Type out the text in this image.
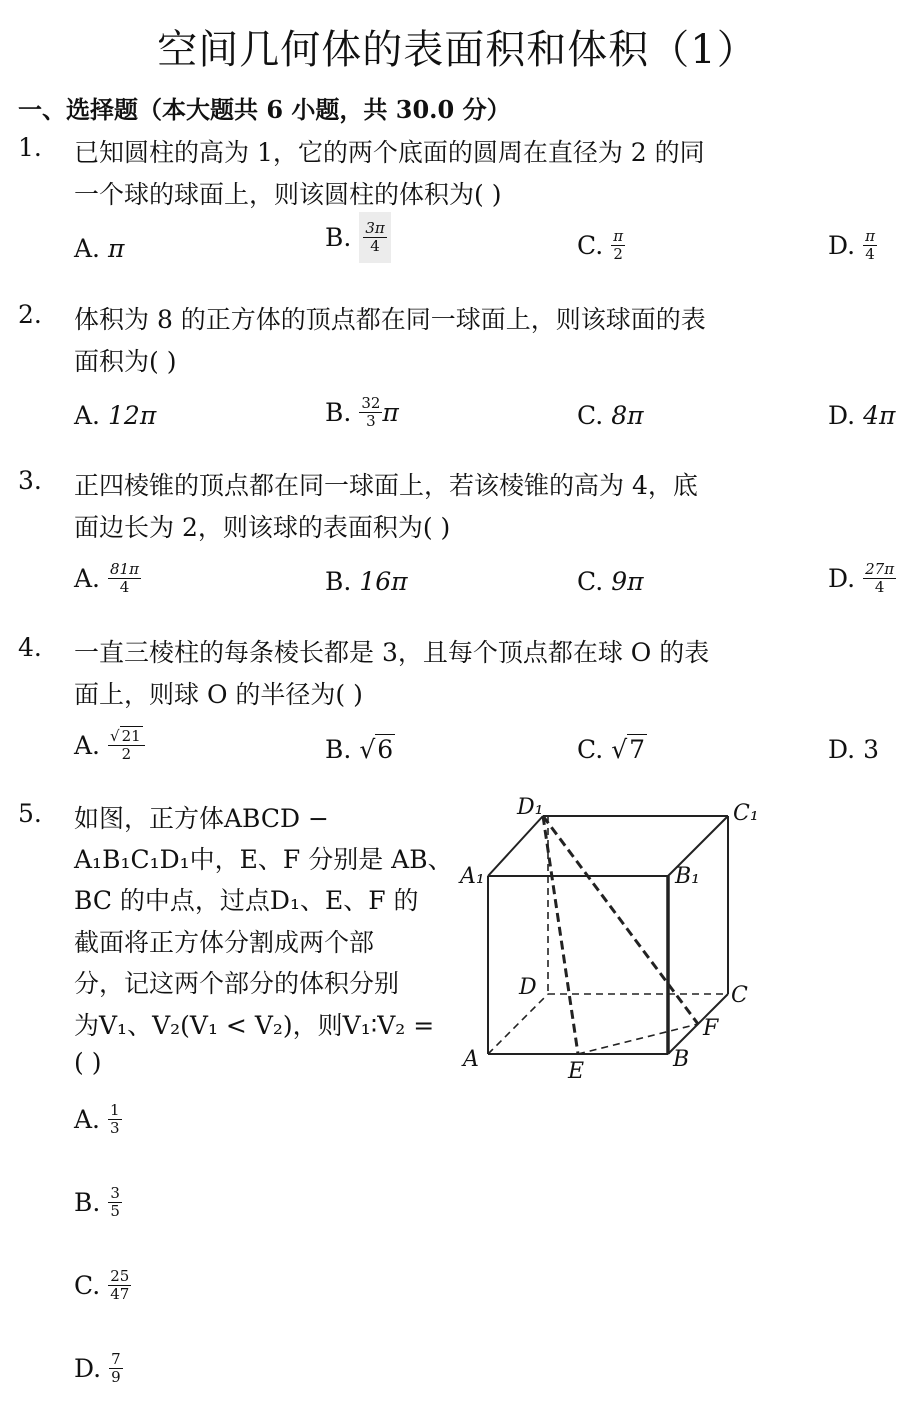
空间几何体的表面积和体积（1）
一、选择题（本大题共 6 小题，共 30.0 分）
1. 已知圆柱的高为 1，它的两个底面的圆周在直径为 2 的同
一个球的球面上，则该圆柱的体积为( )
A. π	B. $\frac{3\pi}{4}$	C. $\frac{\pi}{2}$	D. $\frac{\pi}{4}$
2. 体积为 8 的正方体的顶点都在同一球面上，则该球面的表
面积为( )
A. 12π	B. $\frac{32}{3}$ π	C. 8π	D. 4π
3. 正四棱锥的顶点都在同一球面上，若该棱锥的高为 4，底
面边长为 2，则该球的表面积为( )
A. $\frac{81\pi}{4}$	B. 16π	C. 9π	D. $\frac{27\pi}{4}$
4. 一直三棱柱的每条棱长都是 3，且每个顶点都在球 O 的表
面上，则球 O 的半径为( )
A. $\frac{√ 21}{2}$	B. √6	C. √7	D. 3
5. 如图，正方体ABCD −
A₁B₁C₁D₁中，E、F 分别是 AB、
BC 的中点，过点D₁、E、F 的
截面将正方体分割成两个部
分，记这两个部分的体积分别
为V₁、V₂(V₁ < V₂)，则V₁∶V₂ =
( )
A. $\frac{1}{3}$
B. $\frac{3}{5}$
C. $\frac{25}{47}$
D. $\frac{7}{9}$
D₁	C₁
A₁	B₁
D	C
A	B
E
F
